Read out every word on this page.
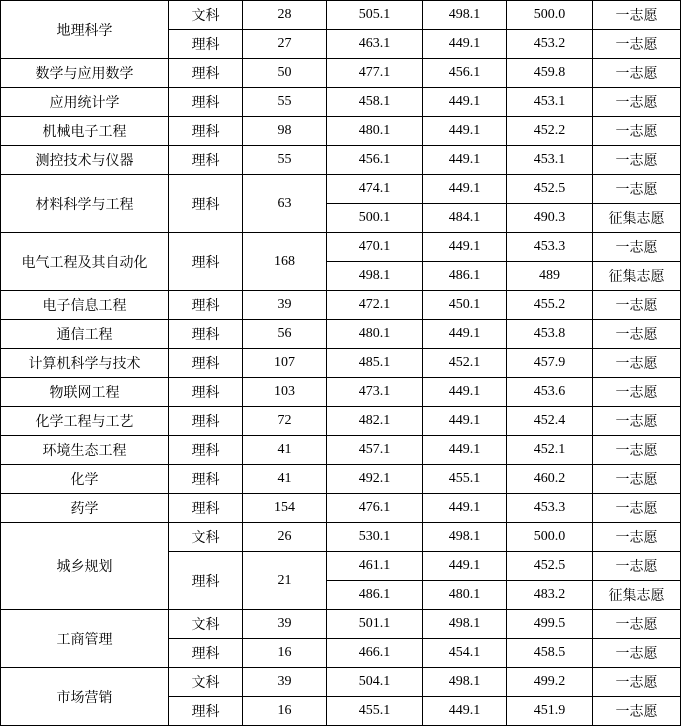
地理科学	文科	28	505.1	498.1	500.0	一志愿
	理科	27	463.1	449.1	453.2	一志愿
数学与应用数学	理科	50	477.1	456.1	459.8	一志愿
应用统计学	理科	55	458.1	449.1	453.1	一志愿
机械电子工程	理科	98	480.1	449.1	452.2	一志愿
测控技术与仪器	理科	55	456.1	449.1	453.1	一志愿
材料科学与工程	理科	63	474.1	449.1	452.5	一志愿
			500.1	484.1	490.3	征集志愿
电气工程及其自动化	理科	168	470.1	449.1	453.3	一志愿
			498.1	486.1	489	征集志愿
电子信息工程	理科	39	472.1	450.1	455.2	一志愿
通信工程	理科	56	480.1	449.1	453.8	一志愿
计算机科学与技术	理科	107	485.1	452.1	457.9	一志愿
物联网工程	理科	103	473.1	449.1	453.6	一志愿
化学工程与工艺	理科	72	482.1	449.1	452.4	一志愿
环境生态工程	理科	41	457.1	449.1	452.1	一志愿
化学	理科	41	492.1	455.1	460.2	一志愿
药学	理科	154	476.1	449.1	453.3	一志愿
城乡规划	文科	26	530.1	498.1	500.0	一志愿
	理科	21	461.1	449.1	452.5	一志愿
			486.1	480.1	483.2	征集志愿
工商管理	文科	39	501.1	498.1	499.5	一志愿
	理科	16	466.1	454.1	458.5	一志愿
市场营销	文科	39	504.1	498.1	499.2	一志愿
	理科	16	455.1	449.1	451.9	一志愿
